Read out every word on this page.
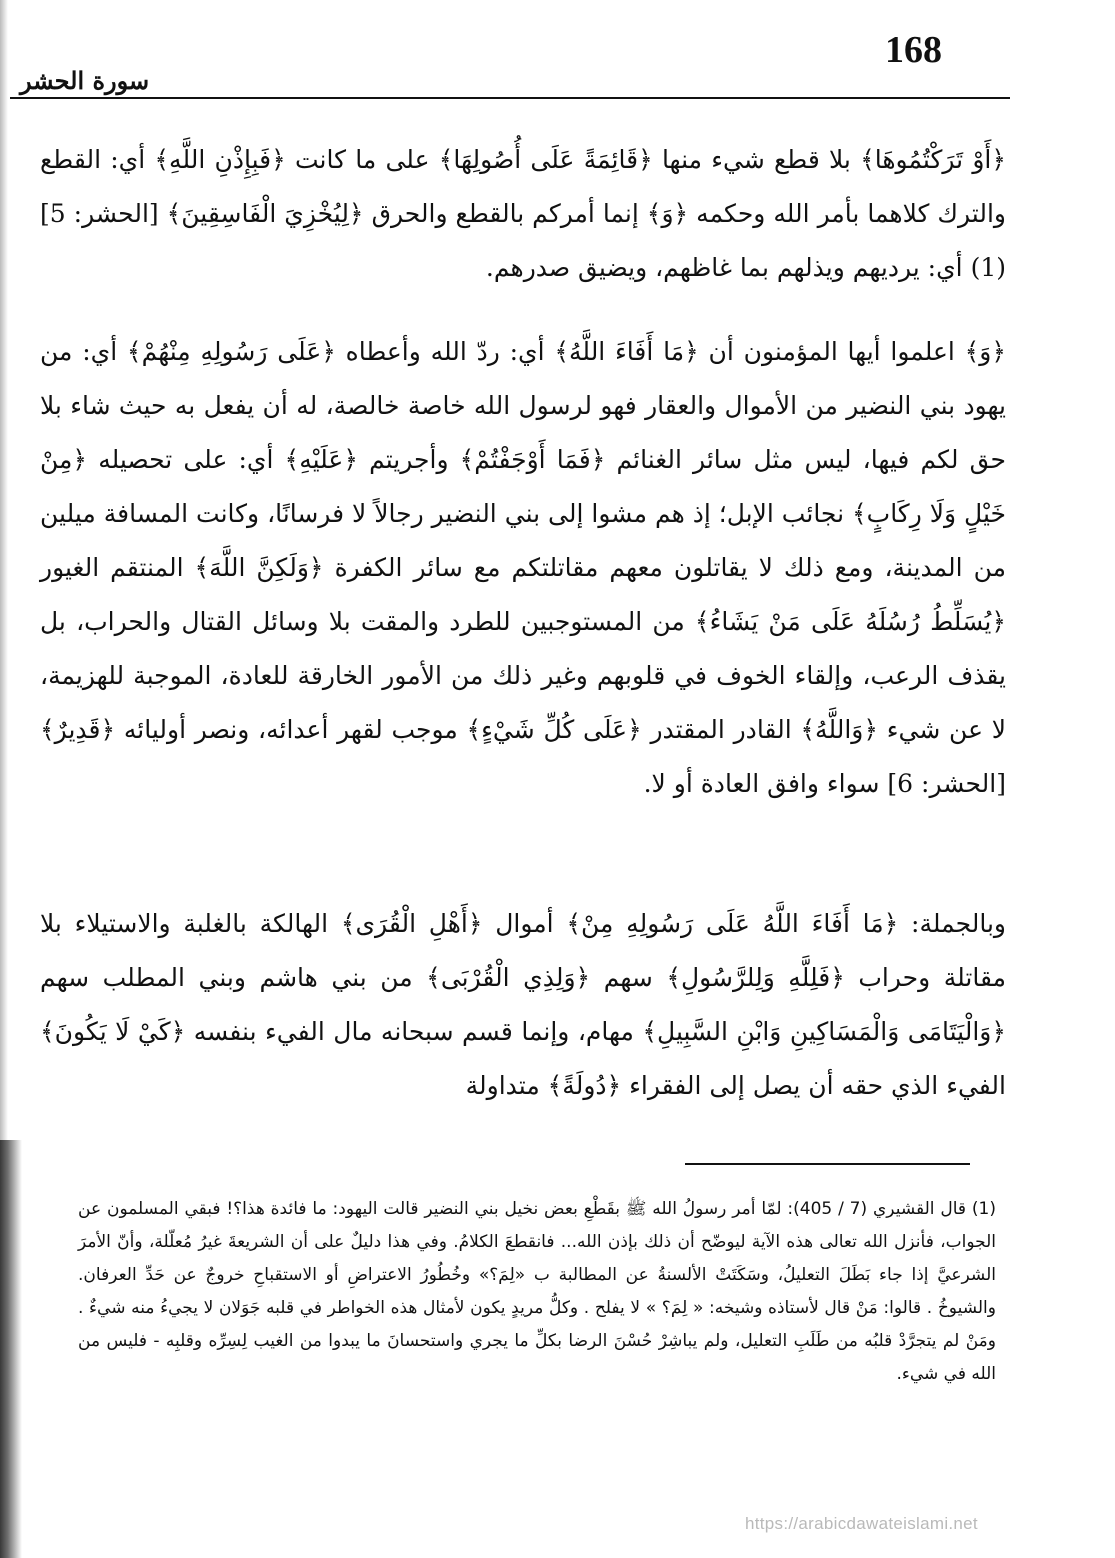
168
سورة الحشر

﴿أَوْ تَرَكْتُمُوهَا﴾ بلا قطع شيء منها ﴿قَائِمَةً عَلَى أُصُولِهَا﴾ على ما كانت ﴿فَبِإِذْنِ اللَّهِ﴾ أي: القطع والترك كلاهما بأمر الله وحكمه ﴿وَ﴾ إنما أمركم بالقطع والحرق ﴿لِيُخْزِيَ الْفَاسِقِينَ﴾ [الحشر: 5] (1) أي: يرديهم ويذلهم بما غاظهم، ويضيق صدرهم.

﴿وَ﴾ اعلموا أيها المؤمنون أن ﴿مَا أَفَاءَ اللَّهُ﴾ أي: ردّ الله وأعطاه ﴿عَلَى رَسُولِهِ مِنْهُمْ﴾ أي: من يهود بني النضير من الأموال والعقار فهو لرسول الله خاصة خالصة، له أن يفعل به حيث شاء بلا حق لكم فيها، ليس مثل سائر الغنائم ﴿فَمَا أَوْجَفْتُمْ﴾ وأجريتم ﴿عَلَيْهِ﴾ أي: على تحصيله ﴿مِنْ خَيْلٍ وَلَا رِكَابٍ﴾ نجائب الإبل؛ إذ هم مشوا إلى بني النضير رجالاً لا فرسانًا، وكانت المسافة ميلين من المدينة، ومع ذلك لا يقاتلون معهم مقاتلتكم مع سائر الكفرة ﴿وَلَكِنَّ اللَّهَ﴾ المنتقم الغيور ﴿يُسَلِّطُ رُسُلَهُ عَلَى مَنْ يَشَاءُ﴾ من المستوجبين للطرد والمقت بلا وسائل القتال والحراب، بل يقذف الرعب، وإلقاء الخوف في قلوبهم وغير ذلك من الأمور الخارقة للعادة، الموجبة للهزيمة، لا عن شيء ﴿وَاللَّهُ﴾ القادر المقتدر ﴿عَلَى كُلِّ شَيْءٍ﴾ موجب لقهر أعدائه، ونصر أوليائه ﴿قَدِيرٌ﴾ [الحشر: 6] سواء وافق العادة أو لا.

وبالجملة: ﴿مَا أَفَاءَ اللَّهُ عَلَى رَسُولِهِ مِنْ﴾ أموال ﴿أَهْلِ الْقُرَى﴾ الهالكة بالغلبة والاستيلاء بلا مقاتلة وحراب ﴿فَلِلَّهِ وَلِلرَّسُولِ﴾ سهم ﴿وَلِذِي الْقُرْبَى﴾ من بني هاشم وبني المطلب سهم ﴿وَالْيَتَامَى وَالْمَسَاكِينِ وَابْنِ السَّبِيلِ﴾ مهام، وإنما قسم سبحانه مال الفيء بنفسه ﴿كَيْ لَا يَكُونَ﴾ الفيء الذي حقه أن يصل إلى الفقراء ﴿دُولَةً﴾ متداولة

(1) قال القشيري (7 / 405): لمّا أمر رسولُ الله ﷺ بقَطْعِ بعض نخيل بني النضير قالت اليهود: ما فائدة هذا؟! فبقي المسلمون عن الجواب، فأنزل الله تعالى هذه الآية ليوضّح أن ذلك بإذن الله... فانقطعَ الكلامُ. وفي هذا دليلٌ على أن الشريعةَ غيرُ مُعلّلة، وأنّ الأمرَ الشرعيَّ إذا جاء بَطَلَ التعليلُ، وسَكَتَتْ الألسنةُ عن المطالبة ب «لِمَ؟» وخُطُورُ الاعتراضِ أو الاستقباحِ خروجٌ عن حَدِّ العرفان. والشيوخُ . قالوا: مَنْ قال لأستاذه وشيخه: « لِمَ؟ » لا يفلح . وكلُّ مريدٍ يكون لأمثال هذه الخواطر في قلبه جَوَلان لا يجيءُ منه شيءٌ . ومَنْ لم يتجرَّدْ قلبُه من طَلَبِ التعليل، ولم يباشِرْ حُسْنَ الرضا بكلِّ ما يجري واستحسانَ ما يبدوا من الغيب لِسِرِّه وقلبِه - فليس من الله في شيء.

https://arabicdawateislami.net
